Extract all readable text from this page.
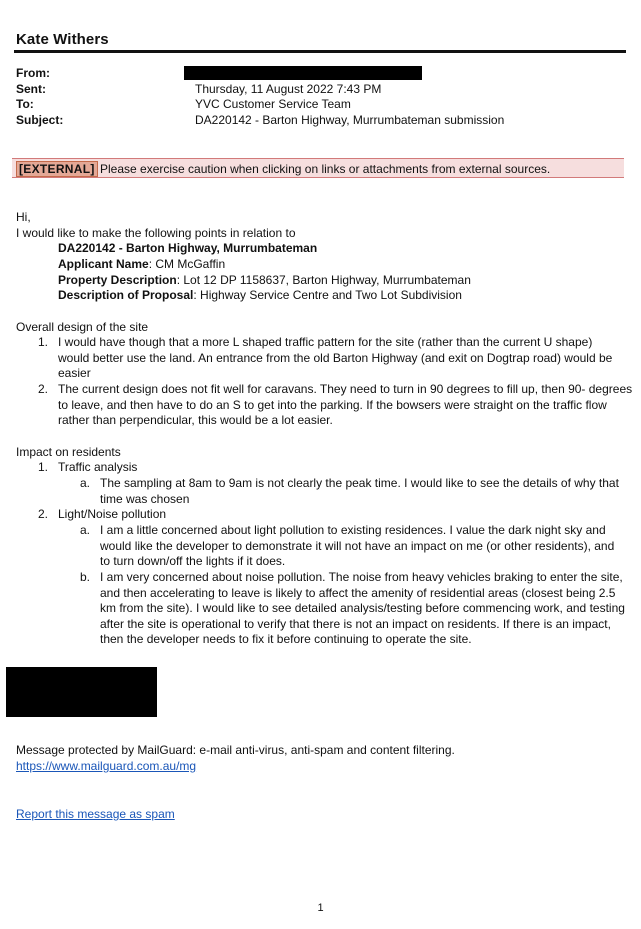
Kate Withers
From:
Sent:	Thursday, 11 August 2022 7:43 PM
To:	YVC Customer Service Team
Subject:	DA220142 - Barton Highway, Murrumbateman submission
[EXTERNAL] Please exercise caution when clicking on links or attachments from external sources.
Hi,
I would like to make the following points in relation to
DA220142 - Barton Highway, Murrumbateman
Applicant Name: CM McGaffin
Property Description: Lot 12 DP 1158637, Barton Highway, Murrumbateman
Description of Proposal: Highway Service Centre and Two Lot Subdivision
Overall design of the site
1. I would have though that a more L shaped traffic pattern for the site (rather than the current U shape)
would better use the land. An entrance from the old Barton Highway (and exit on Dogtrap road) would be
easier
2. The current design does not fit well for caravans. They need to turn in 90 degrees to fill up, then 90- degrees
to leave, and then have to do an S to get into the parking. If the bowsers were straight on the traffic flow
rather than perpendicular, this would be a lot easier.
Impact on residents
1. Traffic analysis
a. The sampling at 8am to 9am is not clearly the peak time. I would like to see the details of why that
time was chosen
2. Light/Noise pollution
a. I am a little concerned about light pollution to existing residences. I value the dark night sky and
would like the developer to demonstrate it will not have an impact on me (or other residents), and
to turn down/off the lights if it does.
b. I am very concerned about noise pollution. The noise from heavy vehicles braking to enter the site,
and then accelerating to leave is likely to affect the amenity of residential areas (closest being 2.5
km from the site). I would like to see detailed analysis/testing before commencing work, and testing
after the site is operational to verify that there is not an impact on residents. If there is an impact,
then the developer needs to fix it before continuing to operate the site.
Message protected by MailGuard: e-mail anti-virus, anti-spam and content filtering.
https://www.mailguard.com.au/mg
Report this message as spam
1
